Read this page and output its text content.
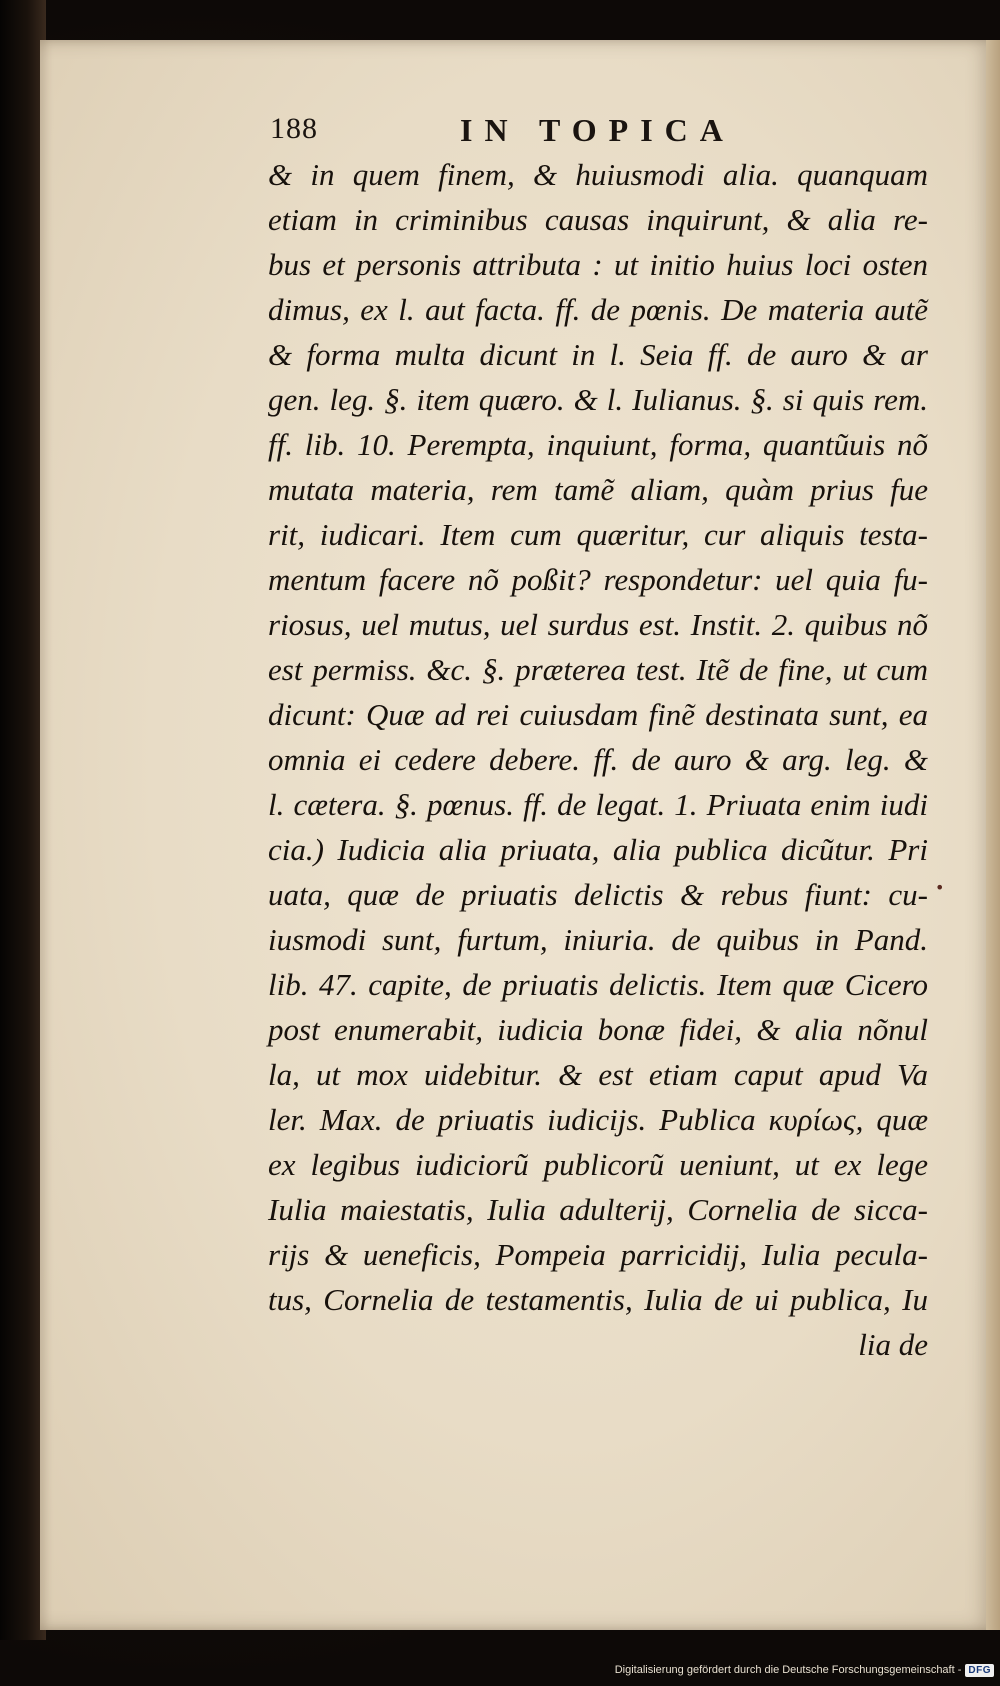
188	IN TOPICA
& in quem finem, & huiusmodi alia. quanquam
etiam in criminibus causas inquirunt, & alia re-
bus et personis attributa : ut initio huius loci osten
dimus, ex l. aut facta. ff. de pœnis. De materia autẽ
& forma multa dicunt in l. Seia ff. de auro & ar
gen. leg. §. item quæro. & l. Iulianus. §. si quis rem.
ff. lib. 10. Perempta, inquiunt, forma, quantũuis nõ
mutata materia, rem tamẽ aliam, quàm prius fue
rit, iudicari. Item cum quæritur, cur aliquis testa-
mentum facere nõ poßit? respondetur: uel quia fu-
riosus, uel mutus, uel surdus est. Instit. 2. quibus nõ
est permiss. &c. §. præterea test. Itẽ de fine, ut cum
dicunt: Quæ ad rei cuiusdam finẽ destinata sunt, ea
omnia ei cedere debere. ff. de auro & arg. leg. &
l. cætera. §. pœnus. ff. de legat. 1. Priuata enim iudi
cia.) Iudicia alia priuata, alia publica dicũtur. Pri
uata, quæ de priuatis delictis & rebus fiunt: cu-
iusmodi sunt, furtum, iniuria. de quibus in Pand.
lib. 47. capite, de priuatis delictis. Item quæ Cicero
post enumerabit, iudicia bonæ fidei, & alia nõnul
la, ut mox uidebitur. & est etiam caput apud Va
ler. Max. de priuatis iudicijs. Publica κυρίως, quæ
ex legibus iudiciorũ publicorũ ueniunt, ut ex lege
Iulia maiestatis, Iulia adulterij, Cornelia de sicca-
rijs & ueneficis, Pompeia parricidij, Iulia pecula-
tus, Cornelia de testamentis, Iulia de ui publica, Iu
lia de
•
Digitalisierung gefördert durch die Deutsche Forschungsgemeinschaft - DFG
